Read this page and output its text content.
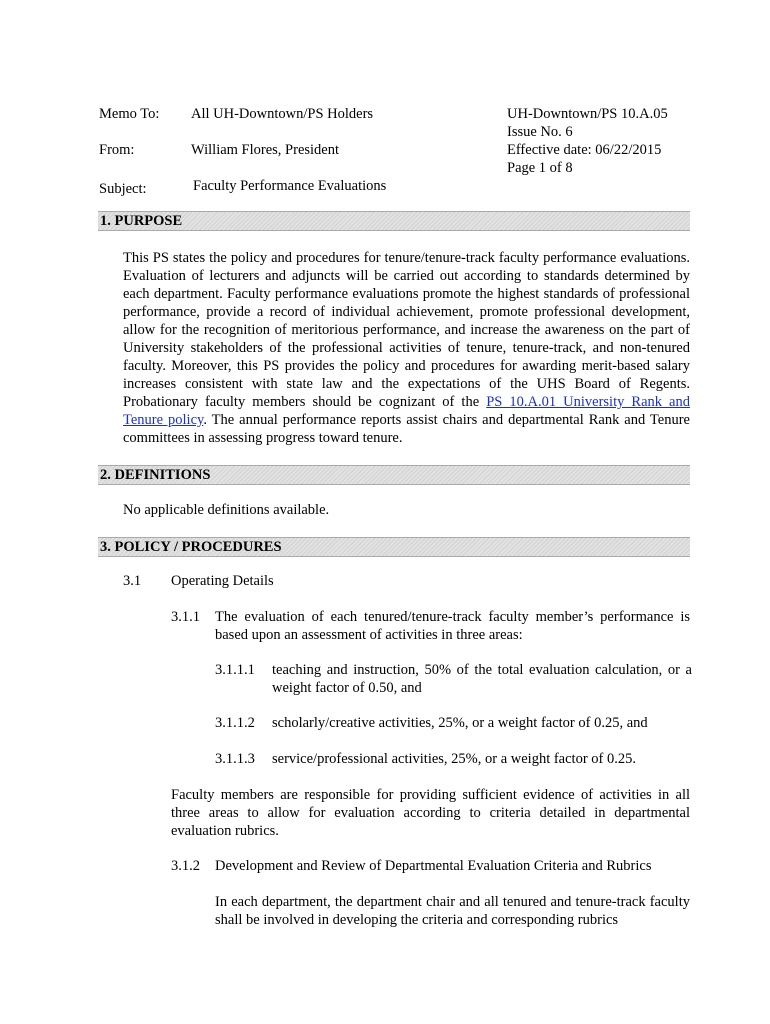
Memo To: All UH-Downtown/PS Holders
From:	William Flores, President
Subject:	Faculty Performance Evaluations
UH-Downtown/PS 10.A.05
Issue No. 6
Effective date: 06/22/2015
Page 1 of 8
1. PURPOSE
This PS states the policy and procedures for tenure/tenure-track faculty performance evaluations. Evaluation of lecturers and adjuncts will be carried out according to standards determined by each department. Faculty performance evaluations promote the highest standards of professional performance, provide a record of individual achievement, promote professional development, allow for the recognition of meritorious performance, and increase the awareness on the part of University stakeholders of the professional activities of tenure, tenure-track, and non-tenured faculty. Moreover, this PS provides the policy and procedures for awarding merit-based salary increases consistent with state law and the expectations of the UHS Board of Regents. Probationary faculty members should be cognizant of the PS 10.A.01 University Rank and Tenure policy. The annual performance reports assist chairs and departmental Rank and Tenure committees in assessing progress toward tenure.
2. DEFINITIONS
No applicable definitions available.
3. POLICY / PROCEDURES
3.1 Operating Details
3.1.1 The evaluation of each tenured/tenure-track faculty member’s performance is based upon an assessment of activities in three areas:
3.1.1.1 teaching and instruction, 50% of the total evaluation calculation, or a weight factor of 0.50, and
3.1.1.2 scholarly/creative activities, 25%, or a weight factor of 0.25, and
3.1.1.3 service/professional activities, 25%, or a weight factor of 0.25.
Faculty members are responsible for providing sufficient evidence of activities in all three areas to allow for evaluation according to criteria detailed in departmental evaluation rubrics.
3.1.2 Development and Review of Departmental Evaluation Criteria and Rubrics
In each department, the department chair and all tenured and tenure-track faculty shall be involved in developing the criteria and corresponding rubrics
